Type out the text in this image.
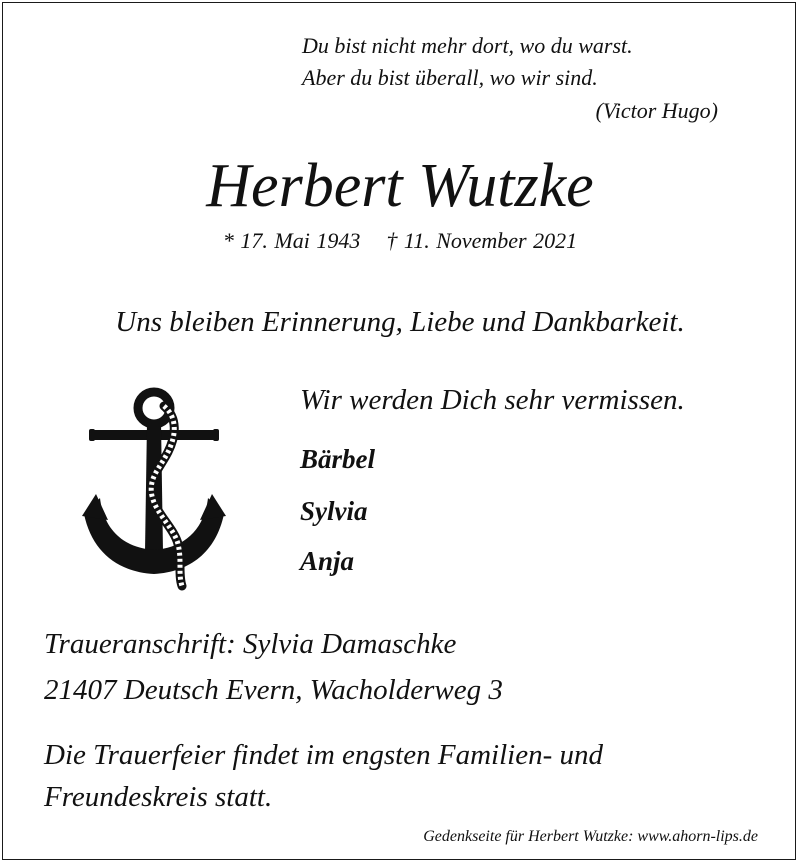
Du bist nicht mehr dort, wo du warst.
Aber du bist überall, wo wir sind.
(Victor Hugo)
Herbert Wutzke
* 17. Mai 1943 † 11. November 2021
Uns bleiben Erinnerung, Liebe und Dankbarkeit.
Wir werden Dich sehr vermissen.
Bärbel
Sylvia
Anja
Traueranschrift: Sylvia Damaschke
21407 Deutsch Evern, Wacholderweg 3
Die Trauerfeier findet im engsten Familien- und
Freundeskreis statt.
Gedenkseite für Herbert Wutzke: www.ahorn-lips.de
